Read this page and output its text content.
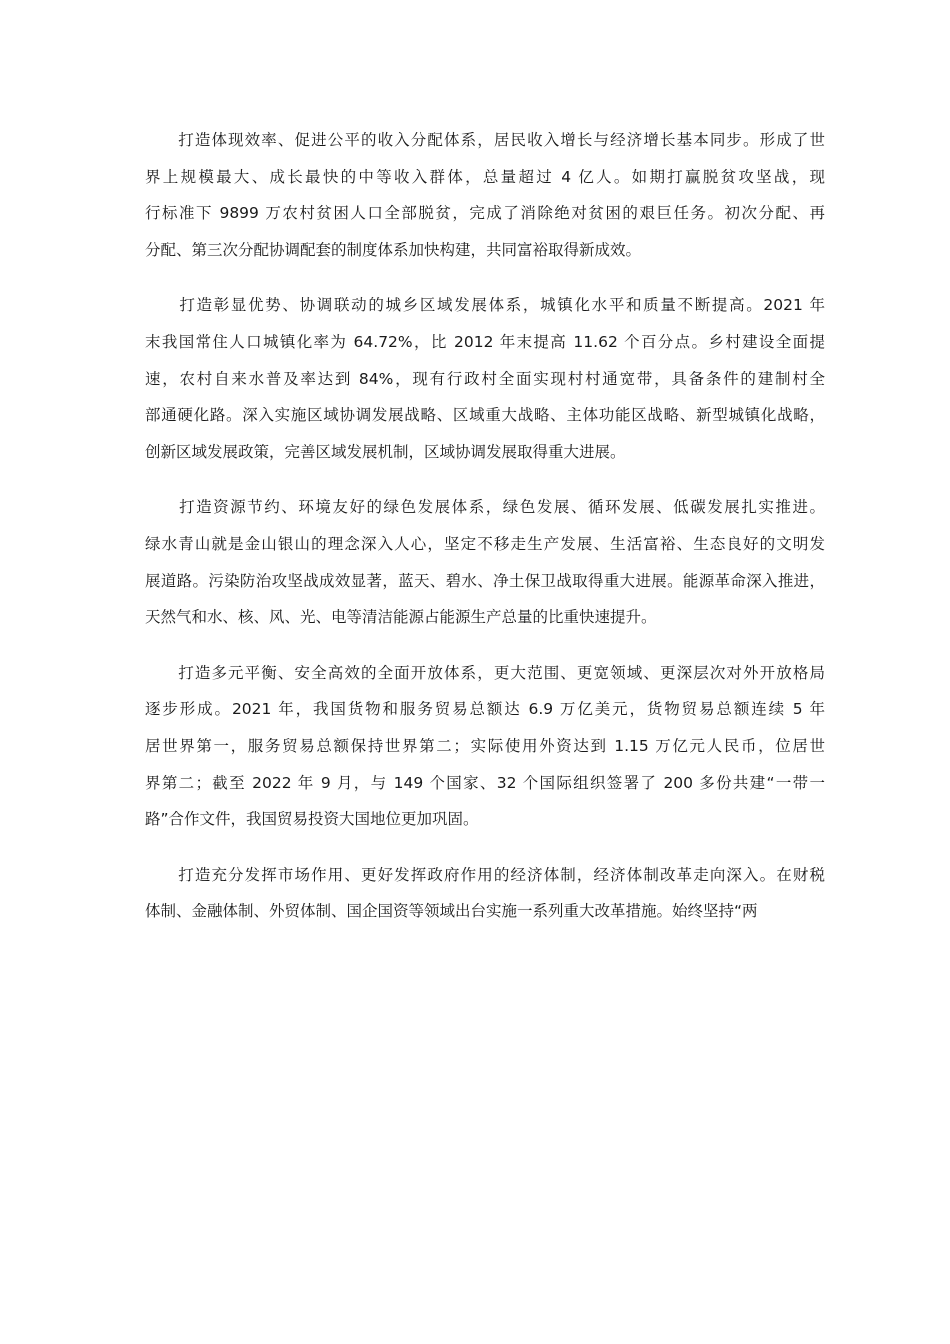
　　打造体现效率、促进公平的收入分配体系，居民收入增长与经济增长基本同步。形成了世
界上规模最大、成长最快的中等收入群体，总量超过 4 亿人。如期打赢脱贫攻坚战，现
行标准下 9899 万农村贫困人口全部脱贫，完成了消除绝对贫困的艰巨任务。初次分配、再
分配、第三次分配协调配套的制度体系加快构建，共同富裕取得新成效。

　　打造彰显优势、协调联动的城乡区域发展体系，城镇化水平和质量不断提高。2021 年
末我国常住人口城镇化率为 64.72%，比 2012 年末提高 11.62 个百分点。乡村建设全面提
速，农村自来水普及率达到 84%，现有行政村全面实现村村通宽带，具备条件的建制村全
部通硬化路。深入实施区域协调发展战略、区域重大战略、主体功能区战略、新型城镇化战略，
创新区域发展政策，完善区域发展机制，区域协调发展取得重大进展。

　　打造资源节约、环境友好的绿色发展体系，绿色发展、循环发展、低碳发展扎实推进。
绿水青山就是金山银山的理念深入人心，坚定不移走生产发展、生活富裕、生态良好的文明发
展道路。污染防治攻坚战成效显著，蓝天、碧水、净土保卫战取得重大进展。能源革命深入推进，
天然气和水、核、风、光、电等清洁能源占能源生产总量的比重快速提升。

　　打造多元平衡、安全高效的全面开放体系，更大范围、更宽领域、更深层次对外开放格局
逐步形成。2021 年，我国货物和服务贸易总额达 6.9 万亿美元，货物贸易总额连续 5 年
居世界第一，服务贸易总额保持世界第二；实际使用外资达到 1.15 万亿元人民币，位居世
界第二；截至 2022 年 9 月，与 149 个国家、32 个国际组织签署了 200 多份共建“一带一
路”合作文件，我国贸易投资大国地位更加巩固。

　　打造充分发挥市场作用、更好发挥政府作用的经济体制，经济体制改革走向深入。在财税
体制、金融体制、外贸体制、国企国资等领域出台实施一系列重大改革措施。始终坚持“两
